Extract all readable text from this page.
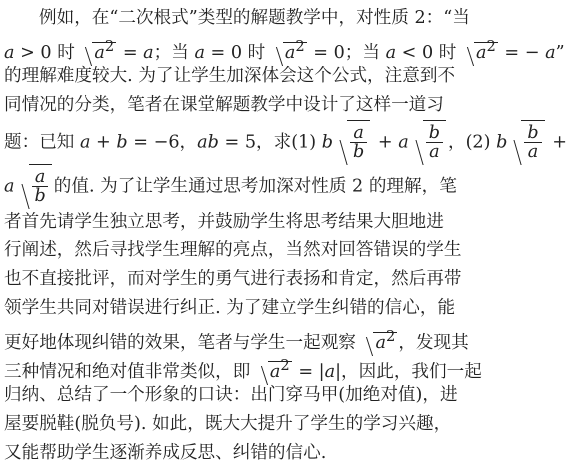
例如，在“二次根式”类型的解题教学中，对性质 2：“当
a > 0 时 $a^2 = a$；当 a = 0 时 $a^2 = 0$；当 a < 0 时 $a^2$ = − a”
的理解难度较大. 为了让学生加深体会这个公式，注意到不
同情况的分类，笔者在课堂解题教学中设计了这样一道习
题：已知 a + b = −6，ab = 5，求(1) b $\frac{a}{b} + a \frac{b}{a}$ ，(2) b $\frac{b}{a}$ +
a $\frac{a}{b}$ 的值. 为了让学生通过思考加深对性质 2 的理解，笔
者首先请学生独立思考，并鼓励学生将思考结果大胆地进
行阐述，然后寻找学生理解的亮点，当然对回答错误的学生
也不直接批评，而对学生的勇气进行表扬和肯定，然后再带
领学生共同对错误进行纠正. 为了建立学生纠错的信心，能
更好地体现纠错的效果，笔者与学生一起观察 $a^2$ ，发现其
三种情况和绝对值非常类似，即 $a^2 = |a|$，因此，我们一起
归纳、总结了一个形象的口诀：出门穿马甲(加绝对值)，进
屋要脱鞋(脱负号). 如此，既大大提升了学生的学习兴趣，
又能帮助学生逐渐养成反思、纠错的信心.
